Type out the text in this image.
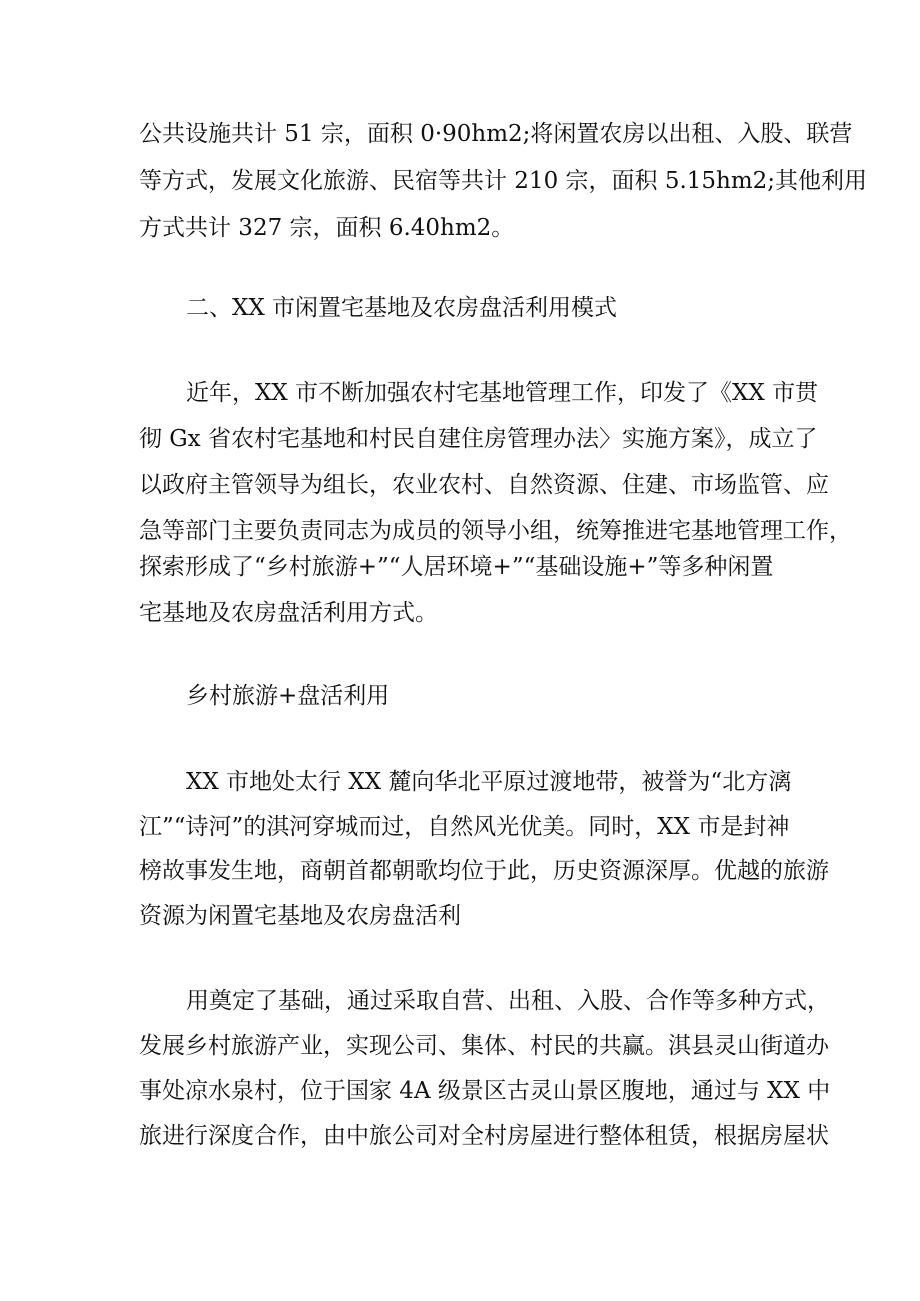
公共设施共计 51 宗，面积 0·90hm2;将闲置农房以出租、入股、联营
等方式，发展文化旅游、民宿等共计 210 宗，面积 5.15hm2;其他利用
方式共计 327 宗，面积 6.40hm2。
二、XX 市闲置宅基地及农房盘活利用模式
近年，XX 市不断加强农村宅基地管理工作，印发了《XX 市贯
彻 Gx 省农村宅基地和村民自建住房管理办法〉实施方案》，成立了
以政府主管领导为组长，农业农村、自然资源、住建、市场监管、应
急等部门主要负责同志为成员的领导小组，统筹推进宅基地管理工作，
探索形成了“乡村旅游+”“人居环境+”“基础设施+”等多种闲置
宅基地及农房盘活利用方式。
乡村旅游+盘活利用
XX 市地处太行 XX 麓向华北平原过渡地带，被誉为“北方漓
江”“诗河”的淇河穿城而过，自然风光优美。同时，XX 市是封神
榜故事发生地，商朝首都朝歌均位于此，历史资源深厚。优越的旅游
资源为闲置宅基地及农房盘活利
用奠定了基础，通过采取自营、出租、入股、合作等多种方式，
发展乡村旅游产业，实现公司、集体、村民的共赢。淇县灵山街道办
事处凉水泉村，位于国家 4A 级景区古灵山景区腹地，通过与 XX 中
旅进行深度合作，由中旅公司对全村房屋进行整体租赁，根据房屋状
